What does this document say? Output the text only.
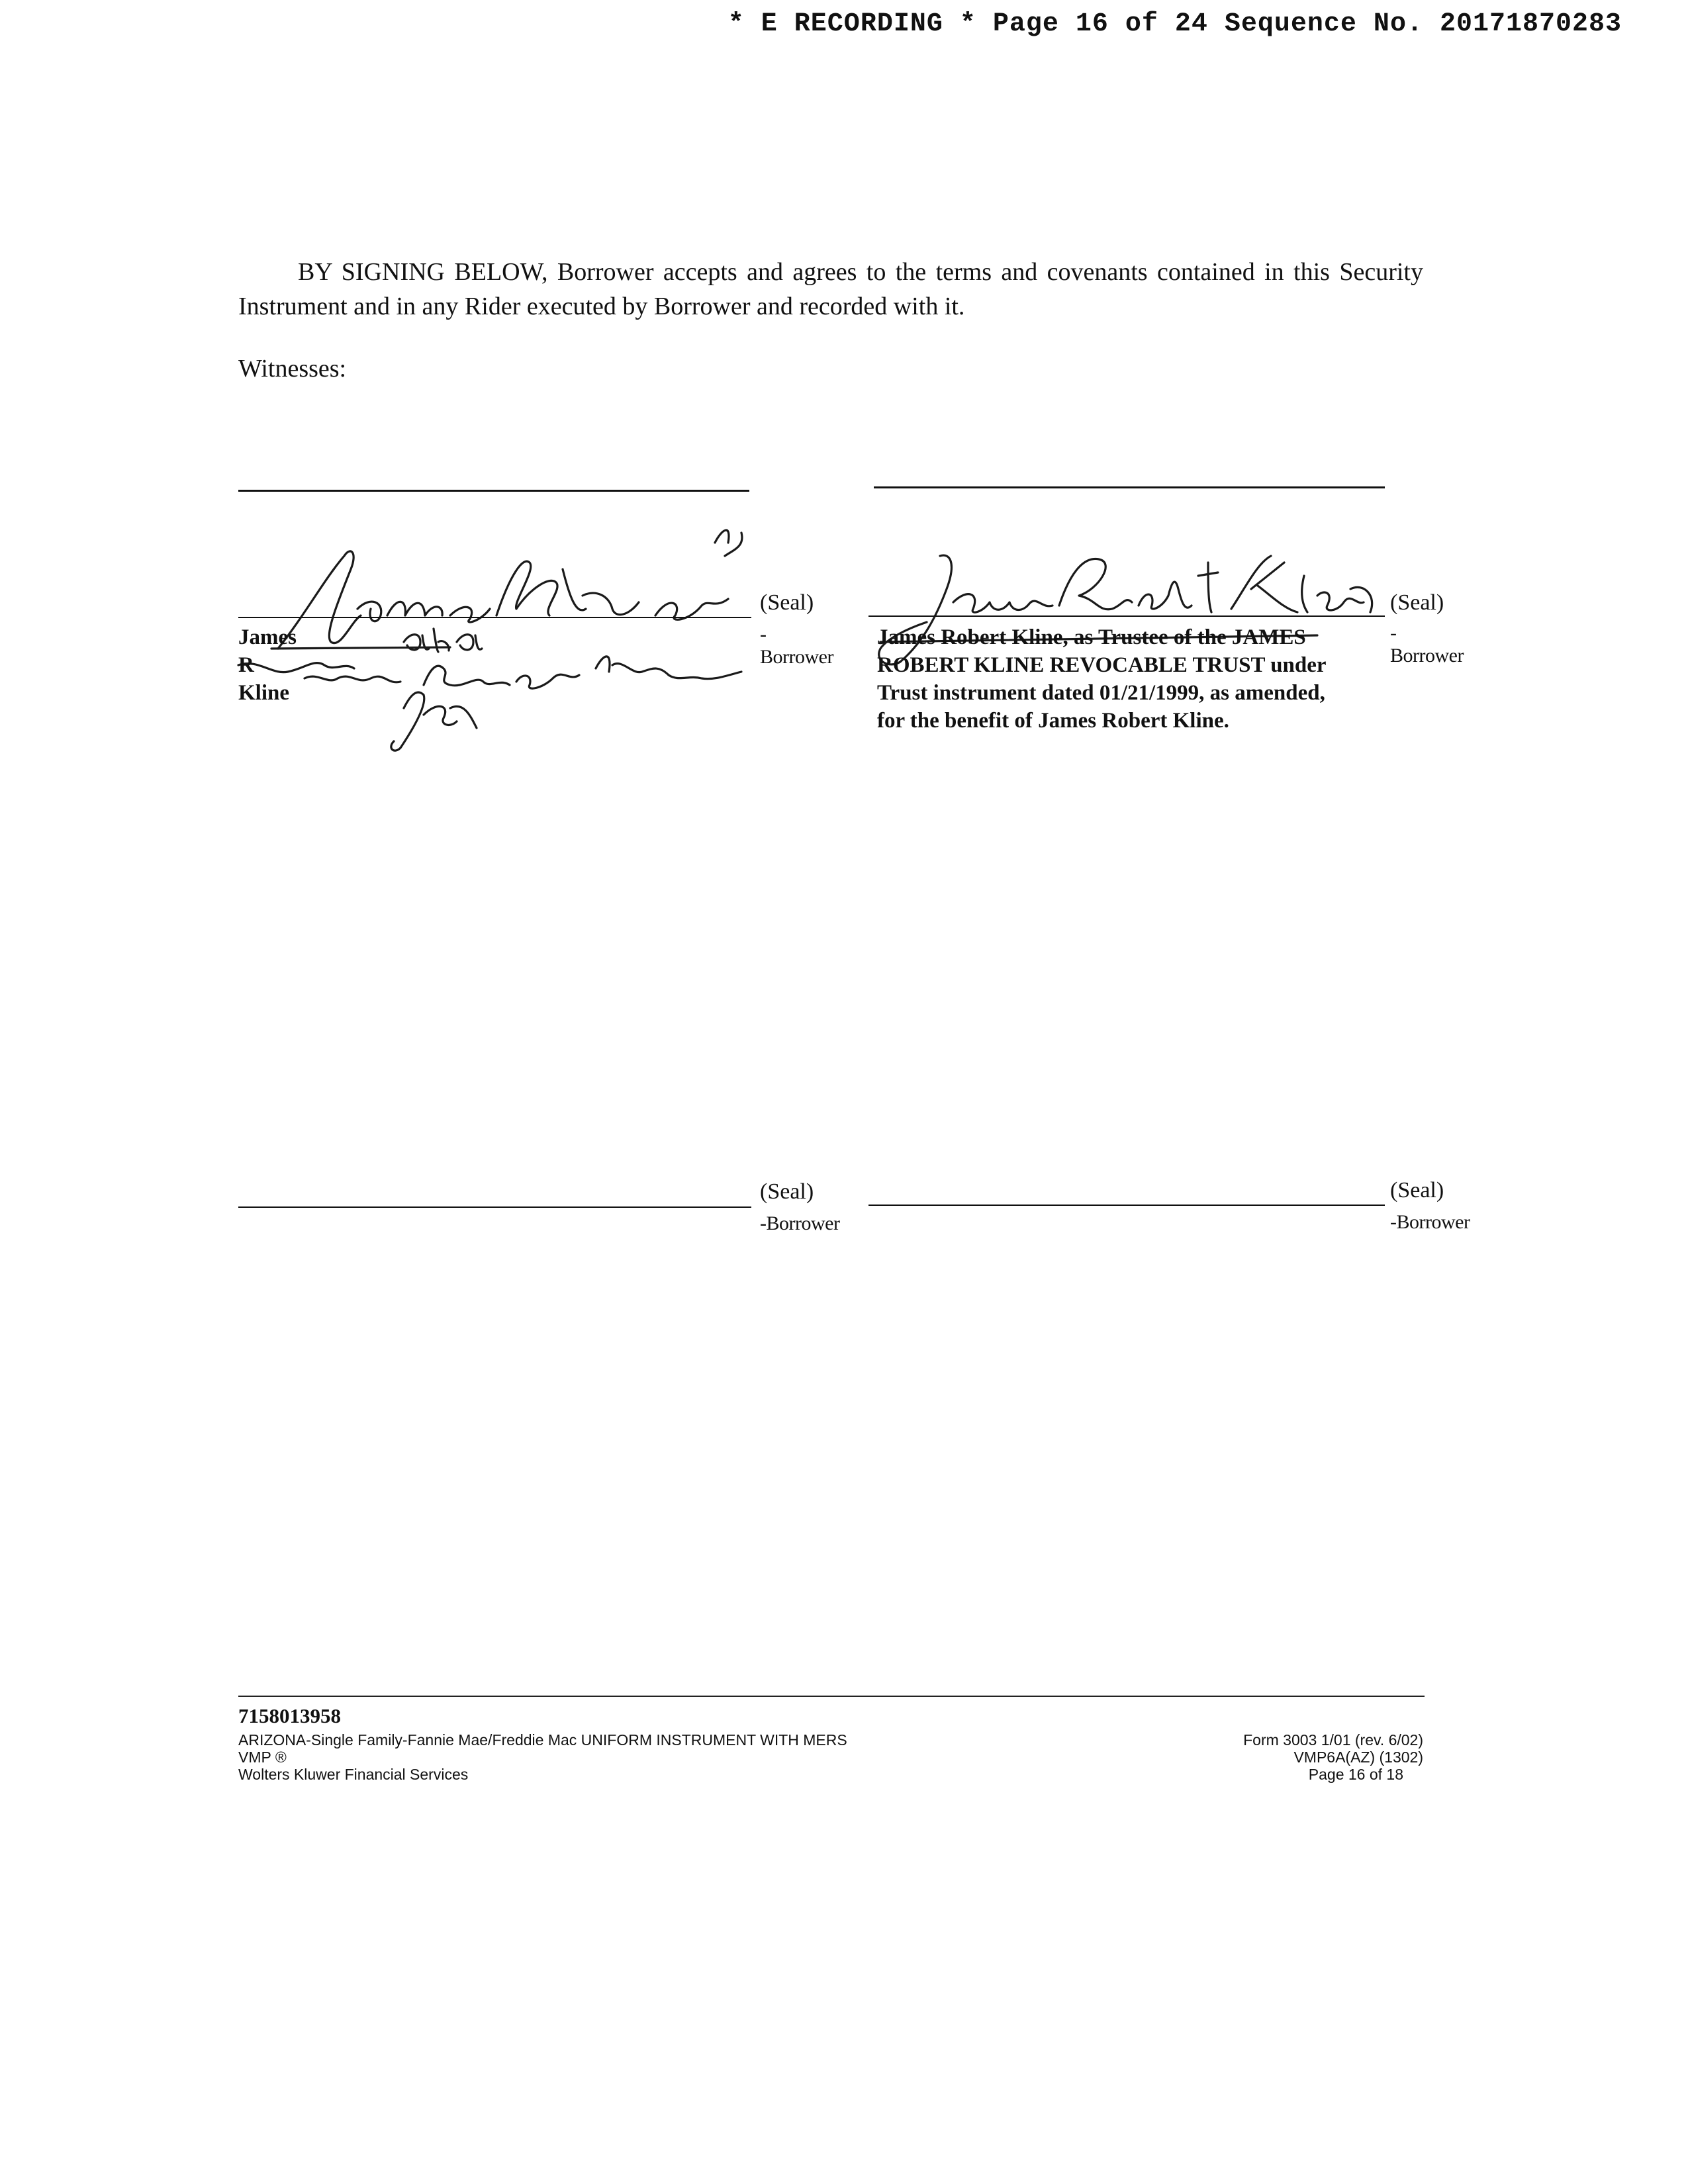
* E RECORDING * Page 16 of 24 Sequence No. 20171870283
BY SIGNING BELOW, Borrower accepts and agrees to the terms and covenants contained in this Security Instrument and in any Rider executed by Borrower and recorded with it.
Witnesses:
(Seal)
-Borrower
James R Kline
(Seal)
-Borrower
James Robert Kline, as Trustee of the JAMES ROBERT KLINE REVOCABLE TRUST under Trust instrument dated 01/21/1999, as amended, for the benefit of James Robert Kline.
(Seal)
-Borrower
(Seal)
-Borrower
7158013958
ARIZONA-Single Family-Fannie Mae/Freddie Mac UNIFORM INSTRUMENT WITH MERS
VMP ®
Wolters Kluwer Financial Services
Form 3003 1/01 (rev. 6/02)
VMP6A(AZ) (1302)
Page 16 of 18
